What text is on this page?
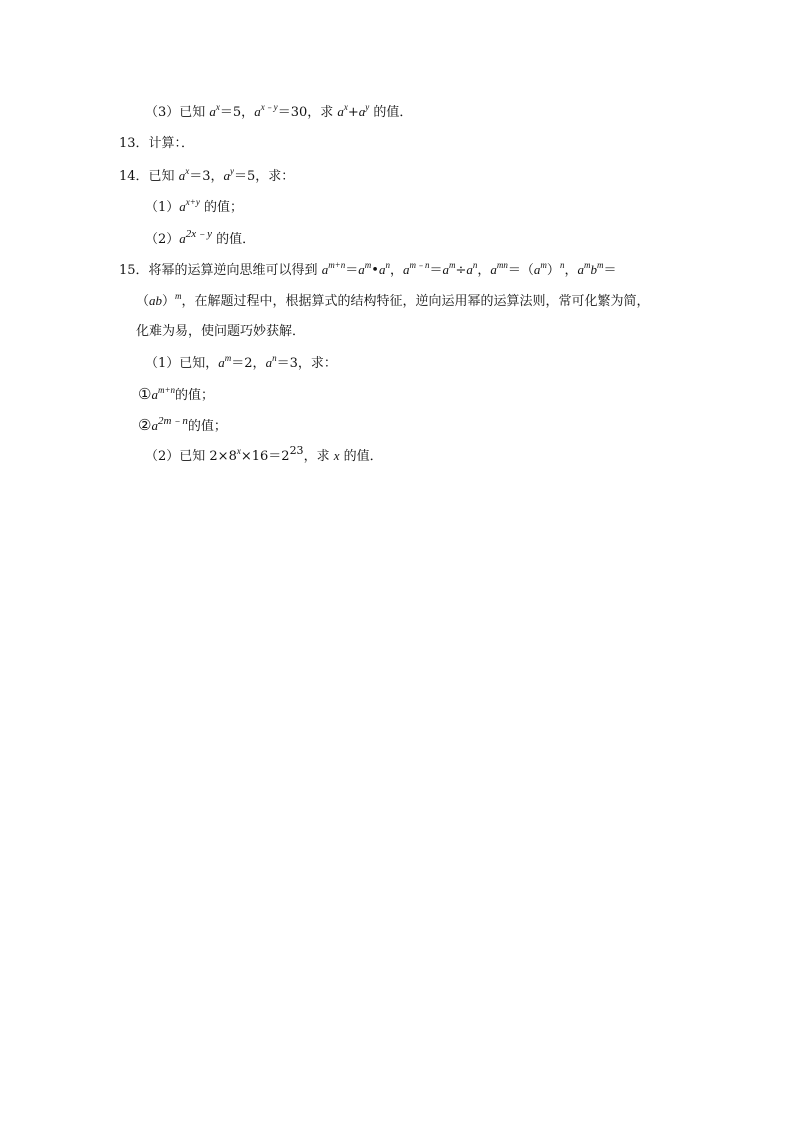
（3）已知 $a^x=5$，$a^{x﹣y}=30$，求 $a^x+a^y$ 的值．
13．计算：．
14．已知 $a^x=3$，$a^y=5$，求：
$(1)a^{x+y}$ 的值；
$(2)a^{2x﹣y}$ 的值．
15．将幂的运算逆向思维可以得到 $a^{m+n}=a^m•a^n$，$a^{m﹣n}=a^m\div a^n$，$a^{mn}=(a^m)^n$，$a^mb^m=$
（ab）$^m$，在解题过程中，根据算式的结构特征，逆向运用幂的运算法则，常可化繁为简，
化难为易，使问题巧妙获解．
（1）已知，$a^m=2$，$a^n=3$，求：
$①a^{m+n}$的值；
$②a^{2m﹣n}$的值；
（2）已知 $2\times 8^x\times 16=2^{23}$，求 x 的值．
